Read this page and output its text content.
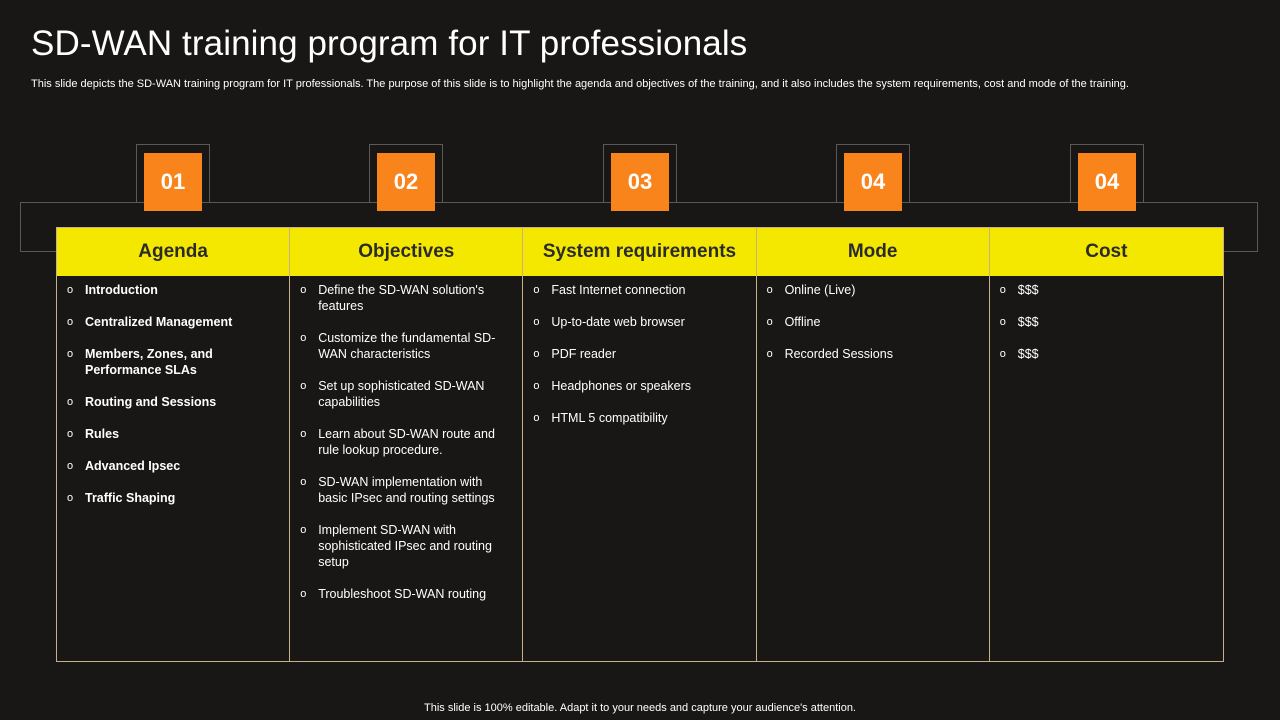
SD-WAN training program for IT professionals
This slide depicts the SD-WAN training program for IT professionals. The purpose of this slide is to highlight the agenda and objectives of the training, and it also includes the system requirements, cost and mode of the training.
01	02	03	04	04
Agenda
o Introduction
o Centralized Management
o Members, Zones, and Performance SLAs
o Routing and Sessions
o Rules
o Advanced Ipsec
o Traffic Shaping
Objectives
o Define the SD-WAN solution's features
o Customize the fundamental SD-WAN characteristics
o Set up sophisticated SD-WAN capabilities
o Learn about SD-WAN route and rule lookup procedure.
o SD-WAN implementation with basic IPsec and routing settings
o Implement SD-WAN with sophisticated IPsec and routing setup
o Troubleshoot SD-WAN routing
System requirements
o Fast Internet connection
o Up-to-date web browser
o PDF reader
o Headphones or speakers
o HTML 5 compatibility
Mode
o Online (Live)
o Offline
o Recorded Sessions
Cost
o $$$
o $$$
o $$$
This slide is 100% editable. Adapt it to your needs and capture your audience's attention.
